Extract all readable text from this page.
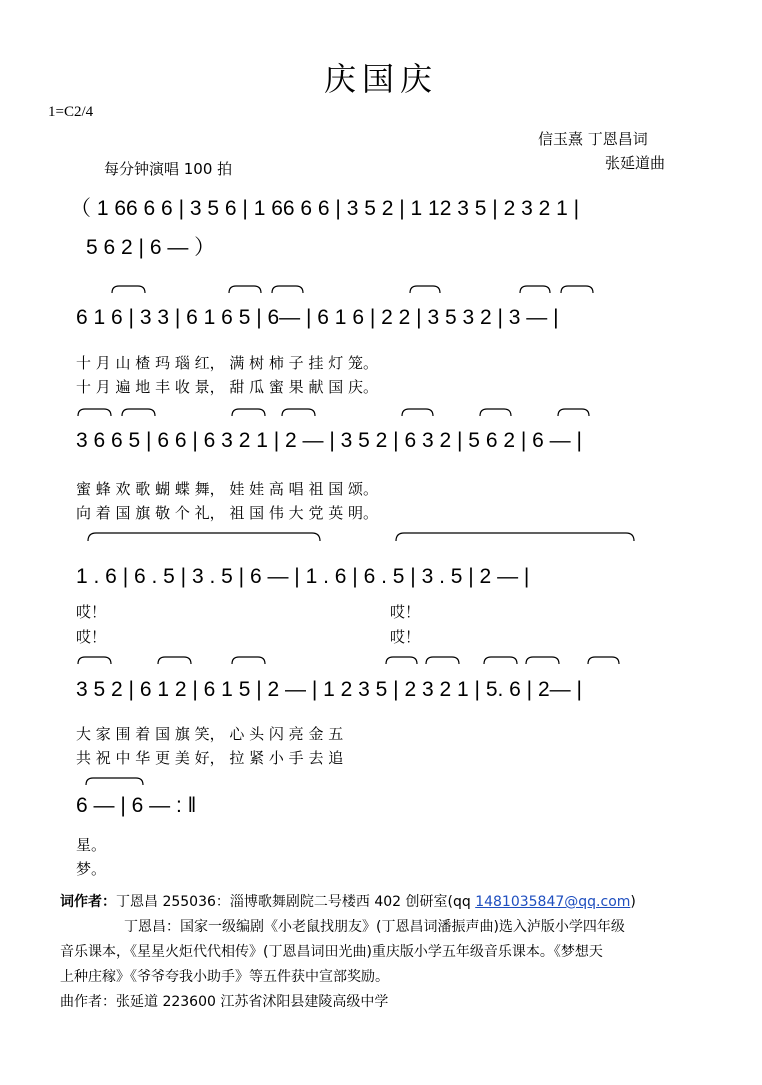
庆国庆
1=C2/4
信玉熹 丁恩昌词
张延道曲
每分钟演唱 100 拍
（ 1 66 6 6 | 3 5 6 | 1 66 6 6 | 3 5 2 | 1 12 3 5 | 2 3 2 1 |
5 6 2 | 6 — ）
6 1 6 | 3 3 | 6 1 6 5 | 6— | 6 1 6 | 2 2 | 3 5 3 2 | 3 — |
十 月 山 楂 玛 瑙 红， 满 树 柿 子 挂 灯 笼。
十 月 遍 地 丰 收 景， 甜 瓜 蜜 果 献 国 庆。
3 6 6 5 | 6 6 | 6 3 2 1 | 2 — | 3 5 2 | 6 3 2 | 5 6 2 | 6 — |
蜜 蜂 欢 歌 蝴 蝶 舞， 娃 娃 高 唱 祖 国 颂。
向 着 国 旗 敬 个 礼， 祖 国 伟 大 党 英 明。
1 . 6 | 6 . 5 | 3 . 5 | 6 — | 1 . 6 | 6 . 5 | 3 . 5 | 2 — |
哎！
哎！
哎！
哎！
3 5 2 | 6 1 2 | 6 1 5 | 2 — | 1 2 3 5 | 2 3 2 1 | 5. 6 | 2— |
大 家 围 着 国 旗 笑， 心 头 闪 亮 金 五
共 祝 中 华 更 美 好， 拉 紧 小 手 去 追
6 — | 6 — : ‖
星。
梦。
词作者：丁恩昌 255036：淄博歌舞剧院二号楼西 402 创研室(qq 1481035847@qq.com)
丁恩昌：国家一级编剧《小老鼠找朋友》(丁恩昌词潘振声曲)选入泸版小学四年级
音乐课本，《星星火炬代代相传》(丁恩昌词田光曲)重庆版小学五年级音乐课本。《梦想天
上种庄稼》《爷爷夸我小助手》等五件获中宣部奖励。
曲作者：张延道 223600 江苏省沭阳县建陵高级中学
